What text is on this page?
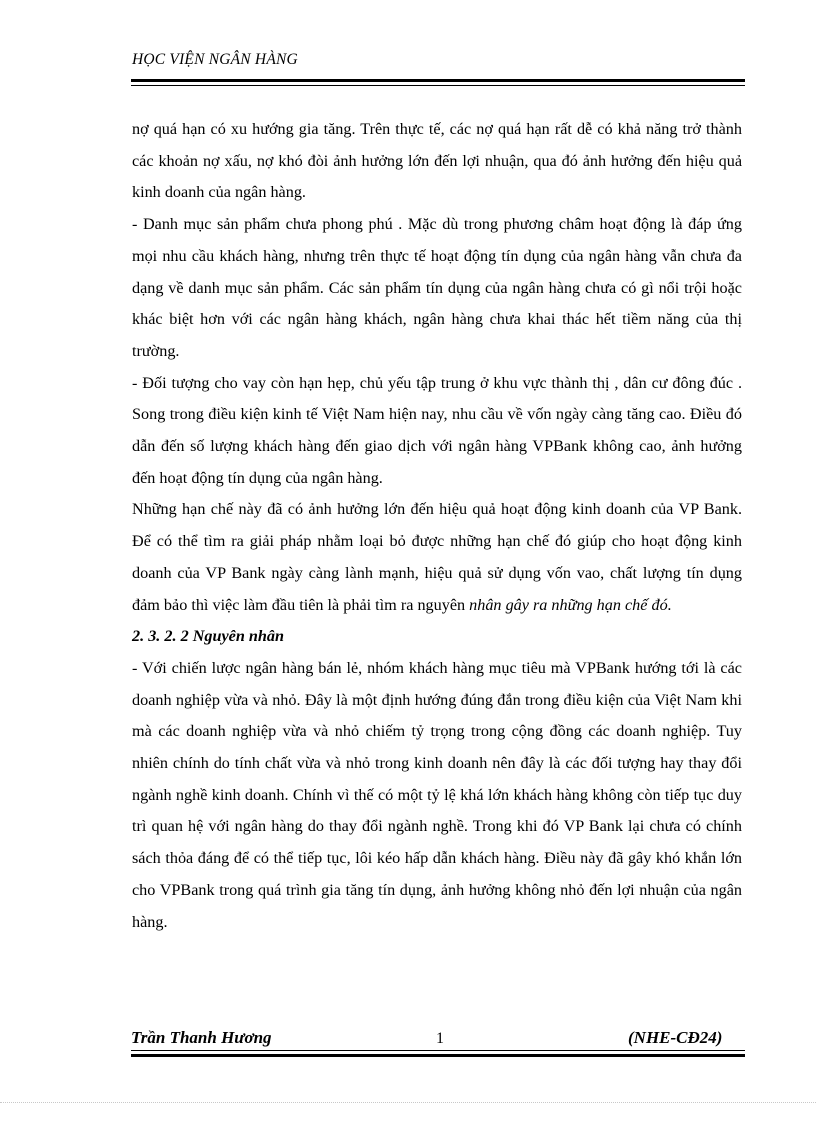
HỌC VIỆN NGÂN HÀNG

nợ quá hạn có xu hướng gia tăng. Trên thực tế, các nợ quá hạn rất dễ có khả năng trở thành các khoản nợ xấu, nợ khó đòi ảnh hưởng lớn đến lợi nhuận, qua đó ảnh hưởng đến hiệu quả kinh doanh của ngân hàng.

- Danh mục sản phẩm chưa phong phú . Mặc dù trong phương châm hoạt động là đáp ứng mọi nhu cầu khách hàng, nhưng trên thực tế hoạt động tín dụng của ngân hàng vẫn chưa đa dạng về danh mục sản phẩm. Các sản phẩm tín dụng của ngân hàng chưa có gì nổi trội hoặc khác biệt hơn với các ngân hàng khách, ngân hàng chưa khai thác hết tiềm năng của thị trường.

- Đối tượng cho vay còn hạn hẹp, chủ yếu tập trung ở khu vực thành thị , dân cư đông đúc . Song trong điều kiện kinh tế Việt Nam hiện nay, nhu cầu về vốn ngày càng tăng cao. Điều đó dẫn đến số lượng khách hàng đến giao dịch với ngân hàng VPBank không cao, ảnh hưởng đến hoạt động tín dụng của ngân hàng.

Những hạn chế này đã có ảnh hưởng lớn đến hiệu quả hoạt động kinh doanh của VP Bank. Để có thể tìm ra giải pháp nhằm loại bỏ được những hạn chế đó giúp cho hoạt động kinh doanh của VP Bank ngày càng lành mạnh, hiệu quả sử dụng vốn vao, chất lượng tín dụng đảm bảo thì việc làm đầu tiên là phải tìm ra nguyên nhân gây ra những hạn chế đó.

2. 3. 2. 2 Nguyên nhân

- Với chiến lược ngân hàng bán lẻ, nhóm khách hàng mục tiêu mà VPBank hướng tới là các doanh nghiệp vừa và nhỏ. Đây là một định hướng đúng đắn trong điều kiện của Việt Nam khi mà các doanh nghiệp vừa và nhỏ chiếm tỷ trọng trong cộng đồng các doanh nghiệp. Tuy nhiên chính do tính chất vừa và nhỏ trong kinh doanh nên đây là các đối tượng hay thay đổi ngành nghề kinh doanh. Chính vì thế có một tỷ lệ khá lớn khách hàng không còn tiếp tục duy trì quan hệ với ngân hàng do thay đổi ngành nghề. Trong khi đó VP Bank lại chưa có chính sách thỏa đáng để có thể tiếp tục, lôi kéo hấp dẫn khách hàng. Điều này đã gây khó khắn lớn cho VPBank trong quá trình gia tăng tín dụng, ảnh hưởng không nhỏ đến lợi nhuận của ngân hàng.

Trần Thanh Hương	1	(NHE-CĐ24)
